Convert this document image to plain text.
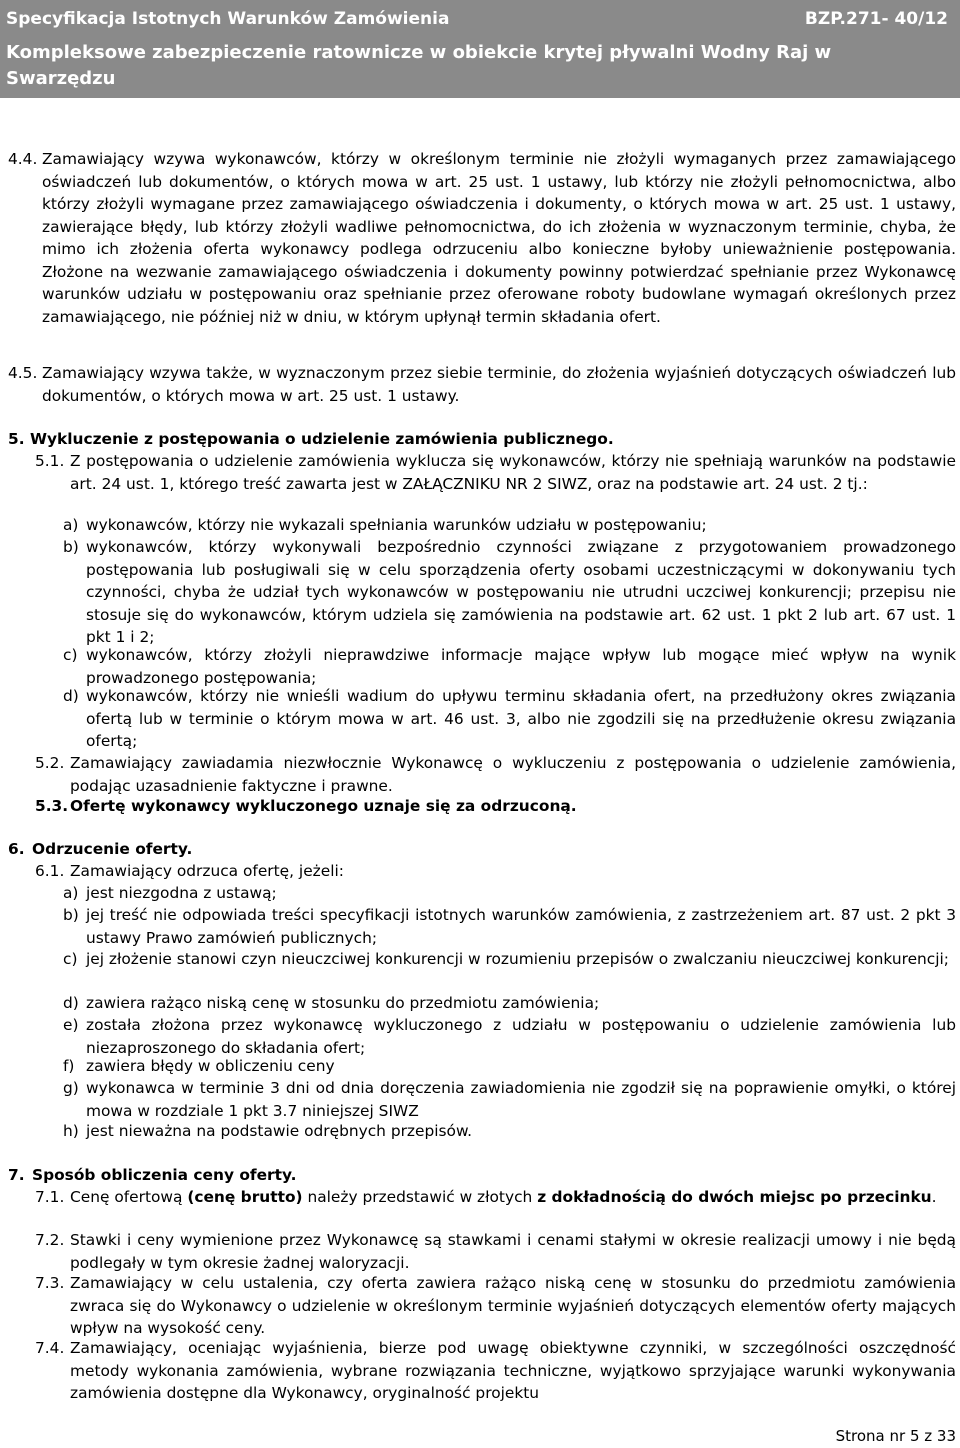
Specyfikacja Istotnych Warunków Zamówienia	BZP.271- 40/12
Kompleksowe zabezpieczenie ratownicze w obiekcie krytej pływalni Wodny Raj w Swarzędzu
4.4. Zamawiający wzywa wykonawców, którzy w określonym terminie nie złożyli wymaganych przez zamawiającego oświadczeń lub dokumentów, o których mowa w art. 25 ust. 1 ustawy, lub którzy nie złożyli pełnomocnictwa, albo którzy złożyli wymagane przez zamawiającego oświadczenia i dokumenty, o których mowa w art. 25 ust. 1 ustawy, zawierające błędy, lub którzy złożyli wadliwe pełnomocnictwa, do ich złożenia w wyznaczonym terminie, chyba, że mimo ich złożenia oferta wykonawcy podlega odrzuceniu albo konieczne byłoby unieważnienie postępowania. Złożone na wezwanie zamawiającego oświadczenia i dokumenty powinny potwierdzać spełnianie przez Wykonawcę warunków udziału w postępowaniu oraz spełnianie przez oferowane roboty budowlane wymagań określonych przez zamawiającego, nie później niż w dniu, w którym upłynął termin składania ofert.
4.5. Zamawiający wzywa także, w wyznaczonym przez siebie terminie, do złożenia wyjaśnień dotyczących oświadczeń lub dokumentów, o których mowa w art. 25 ust. 1 ustawy.
5. Wykluczenie z postępowania o udzielenie zamówienia publicznego.
5.1. Z postępowania o udzielenie zamówienia wyklucza się wykonawców, którzy nie spełniają warunków na podstawie art. 24 ust. 1, którego treść zawarta jest w ZAŁĄCZNIKU NR 2 SIWZ, oraz na podstawie art. 24 ust. 2 tj.:
a) wykonawców, którzy nie wykazali spełniania warunków udziału w postępowaniu;
b) wykonawców, którzy wykonywali bezpośrednio czynności związane z przygotowaniem prowadzonego postępowania lub posługiwali się w celu sporządzenia oferty osobami uczestniczącymi w dokonywaniu tych czynności, chyba że udział tych wykonawców w postępowaniu nie utrudni uczciwej konkurencji; przepisu nie stosuje się do wykonawców, którym udziela się zamówienia na podstawie art. 62 ust. 1 pkt 2 lub art. 67 ust. 1 pkt 1 i 2;
c) wykonawców, którzy złożyli nieprawdziwe informacje mające wpływ lub mogące mieć wpływ na wynik prowadzonego postępowania;
d) wykonawców, którzy nie wnieśli wadium do upływu terminu składania ofert, na przedłużony okres związania ofertą lub w terminie o którym mowa w art. 46 ust. 3, albo nie zgodzili się na przedłużenie okresu związania ofertą;
5.2. Zamawiający zawiadamia niezwłocznie Wykonawcę o wykluczeniu z postępowania o udzielenie zamówienia, podając uzasadnienie faktyczne i prawne.
5.3. Ofertę wykonawcy wykluczonego uznaje się za odrzuconą.
6. Odrzucenie oferty.
6.1. Zamawiający odrzuca ofertę, jeżeli:
a) jest niezgodna z ustawą;
b) jej treść nie odpowiada treści specyfikacji istotnych warunków zamówienia, z zastrzeżeniem art. 87 ust. 2 pkt 3 ustawy Prawo zamówień publicznych;
c) jej złożenie stanowi czyn nieuczciwej konkurencji w rozumieniu przepisów o zwalczaniu nieuczciwej konkurencji;
d) zawiera rażąco niską cenę w stosunku do przedmiotu zamówienia;
e) została złożona przez wykonawcę wykluczonego z udziału w postępowaniu o udzielenie zamówienia lub niezaproszonego do składania ofert;
f) zawiera błędy w obliczeniu ceny
g) wykonawca w terminie 3 dni od dnia doręczenia zawiadomienia nie zgodził się na poprawienie omyłki, o której mowa w rozdziale 1 pkt 3.7 niniejszej SIWZ
h) jest nieważna na podstawie odrębnych przepisów.
7. Sposób obliczenia ceny oferty.
7.1. Cenę ofertową (cenę brutto) należy przedstawić w złotych z dokładnością do dwóch miejsc po przecinku.
7.2. Stawki i ceny wymienione przez Wykonawcę są stawkami i cenami stałymi w okresie realizacji umowy i nie będą podlegały w tym okresie żadnej waloryzacji.
7.3. Zamawiający w celu ustalenia, czy oferta zawiera rażąco niską cenę w stosunku do przedmiotu zamówienia zwraca się do Wykonawcy o udzielenie w określonym terminie wyjaśnień dotyczących elementów oferty mających wpływ na wysokość ceny.
7.4. Zamawiający, oceniając wyjaśnienia, bierze pod uwagę obiektywne czynniki, w szczególności oszczędność metody wykonania zamówienia, wybrane rozwiązania techniczne, wyjątkowo sprzyjające warunki wykonywania zamówienia dostępne dla Wykonawcy, oryginalność projektu
Strona nr 5 z 33
